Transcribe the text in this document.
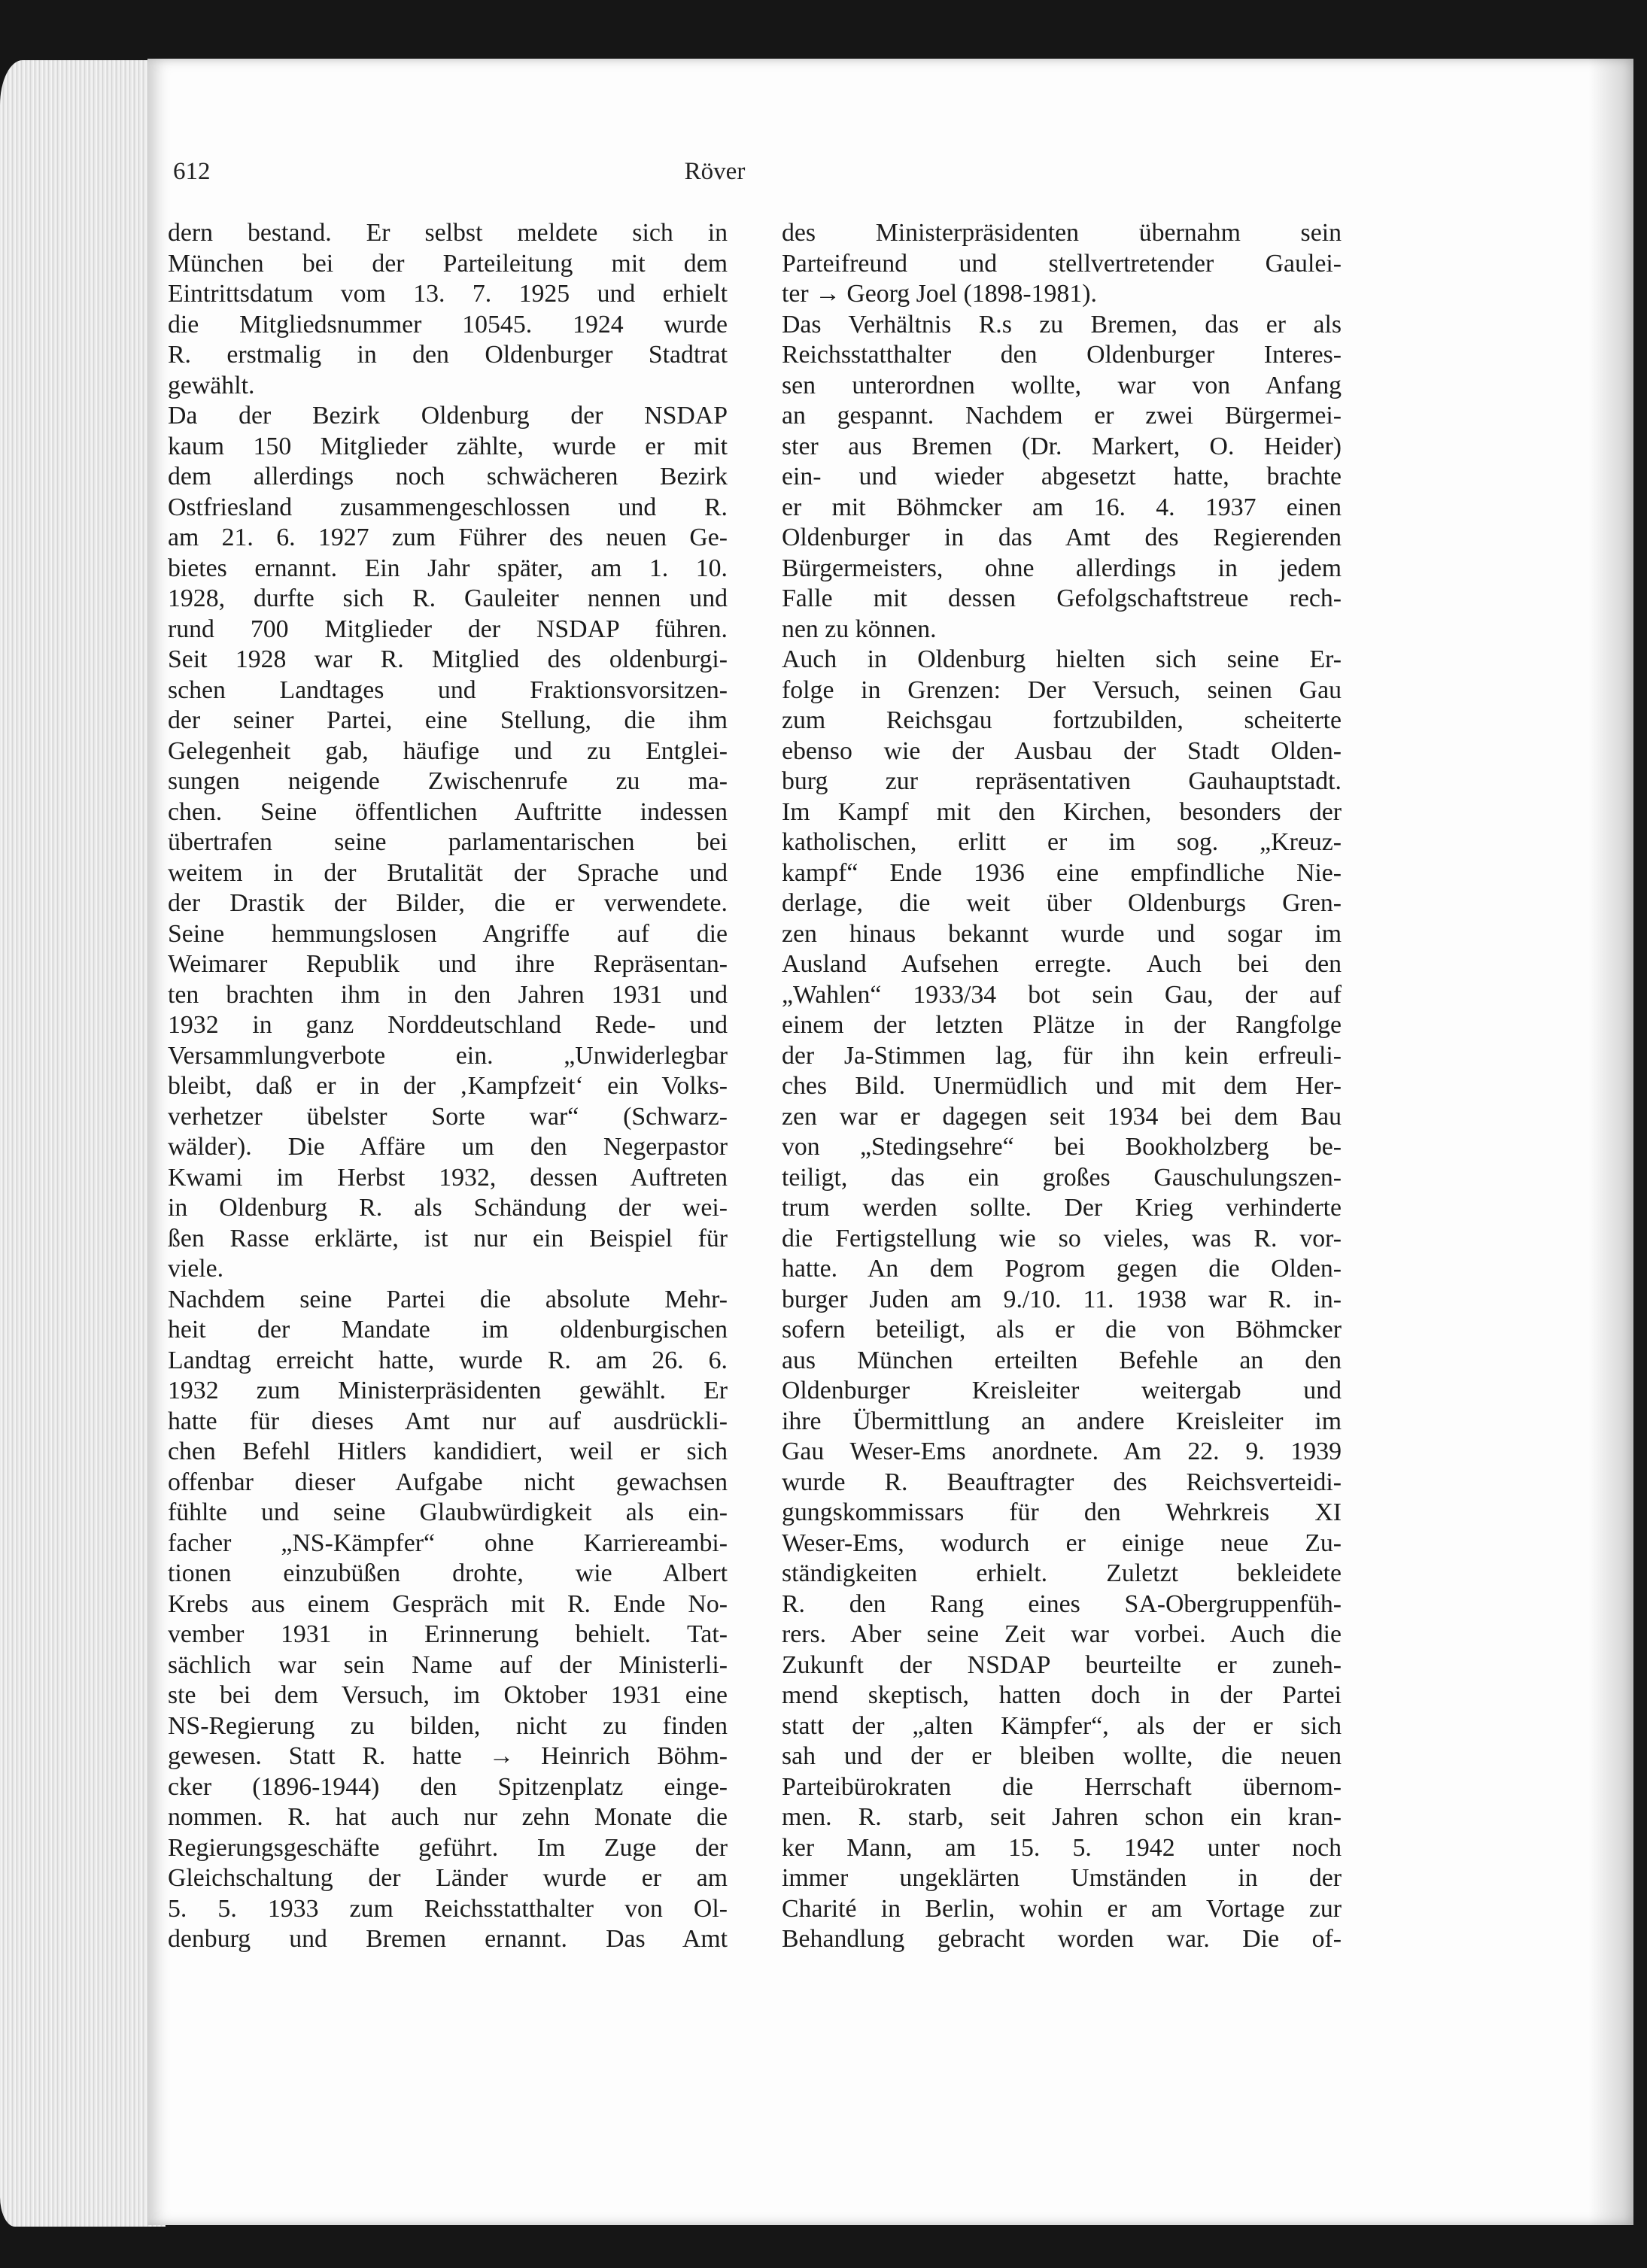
612	Röver
dern bestand. Er selbst meldete sich in
München bei der Parteileitung mit dem
Eintrittsdatum vom 13. 7. 1925 und erhielt
die Mitgliedsnummer 10545. 1924 wurde
R. erstmalig in den Oldenburger Stadtrat
gewählt.
Da der Bezirk Oldenburg der NSDAP
kaum 150 Mitglieder zählte, wurde er mit
dem allerdings noch schwächeren Bezirk
Ostfriesland zusammengeschlossen und R.
am 21. 6. 1927 zum Führer des neuen Ge-
bietes ernannt. Ein Jahr später, am 1. 10.
1928, durfte sich R. Gauleiter nennen und
rund 700 Mitglieder der NSDAP führen.
Seit 1928 war R. Mitglied des oldenburgi-
schen Landtages und Fraktionsvorsitzen-
der seiner Partei, eine Stellung, die ihm
Gelegenheit gab, häufige und zu Entglei-
sungen neigende Zwischenrufe zu ma-
chen. Seine öffentlichen Auftritte indessen
übertrafen seine parlamentarischen bei
weitem in der Brutalität der Sprache und
der Drastik der Bilder, die er verwendete.
Seine hemmungslosen Angriffe auf die
Weimarer Republik und ihre Repräsentan-
ten brachten ihm in den Jahren 1931 und
1932 in ganz Norddeutschland Rede- und
Versammlungverbote ein. „Unwiderlegbar
bleibt, daß er in der ‚Kampfzeit‘ ein Volks-
verhetzer übelster Sorte war“ (Schwarz-
wälder). Die Affäre um den Negerpastor
Kwami im Herbst 1932, dessen Auftreten
in Oldenburg R. als Schändung der wei-
ßen Rasse erklärte, ist nur ein Beispiel für
viele.
Nachdem seine Partei die absolute Mehr-
heit der Mandate im oldenburgischen
Landtag erreicht hatte, wurde R. am 26. 6.
1932 zum Ministerpräsidenten gewählt. Er
hatte für dieses Amt nur auf ausdrückli-
chen Befehl Hitlers kandidiert, weil er sich
offenbar dieser Aufgabe nicht gewachsen
fühlte und seine Glaubwürdigkeit als ein-
facher „NS-Kämpfer“ ohne Karriereambi-
tionen einzubüßen drohte, wie Albert
Krebs aus einem Gespräch mit R. Ende No-
vember 1931 in Erinnerung behielt. Tat-
sächlich war sein Name auf der Ministerli-
ste bei dem Versuch, im Oktober 1931 eine
NS-Regierung zu bilden, nicht zu finden
gewesen. Statt R. hatte → Heinrich Böhm-
cker (1896-1944) den Spitzenplatz einge-
nommen. R. hat auch nur zehn Monate die
Regierungsgeschäfte geführt. Im Zuge der
Gleichschaltung der Länder wurde er am
5. 5. 1933 zum Reichsstatthalter von Ol-
denburg und Bremen ernannt. Das Amt
des Ministerpräsidenten übernahm sein
Parteifreund und stellvertretender Gaulei-
ter → Georg Joel (1898-1981).
Das Verhältnis R.s zu Bremen, das er als
Reichsstatthalter den Oldenburger Interes-
sen unterordnen wollte, war von Anfang
an gespannt. Nachdem er zwei Bürgermei-
ster aus Bremen (Dr. Markert, O. Heider)
ein- und wieder abgesetzt hatte, brachte
er mit Böhmcker am 16. 4. 1937 einen
Oldenburger in das Amt des Regierenden
Bürgermeisters, ohne allerdings in jedem
Falle mit dessen Gefolgschaftstreue rech-
nen zu können.
Auch in Oldenburg hielten sich seine Er-
folge in Grenzen: Der Versuch, seinen Gau
zum Reichsgau fortzubilden, scheiterte
ebenso wie der Ausbau der Stadt Olden-
burg zur repräsentativen Gauhauptstadt.
Im Kampf mit den Kirchen, besonders der
katholischen, erlitt er im sog. „Kreuz-
kampf“ Ende 1936 eine empfindliche Nie-
derlage, die weit über Oldenburgs Gren-
zen hinaus bekannt wurde und sogar im
Ausland Aufsehen erregte. Auch bei den
„Wahlen“ 1933/34 bot sein Gau, der auf
einem der letzten Plätze in der Rangfolge
der Ja-Stimmen lag, für ihn kein erfreuli-
ches Bild. Unermüdlich und mit dem Her-
zen war er dagegen seit 1934 bei dem Bau
von „Stedingsehre“ bei Bookholzberg be-
teiligt, das ein großes Gauschulungszen-
trum werden sollte. Der Krieg verhinderte
die Fertigstellung wie so vieles, was R. vor-
hatte. An dem Pogrom gegen die Olden-
burger Juden am 9./10. 11. 1938 war R. in-
sofern beteiligt, als er die von Böhmcker
aus München erteilten Befehle an den
Oldenburger Kreisleiter weitergab und
ihre Übermittlung an andere Kreisleiter im
Gau Weser-Ems anordnete. Am 22. 9. 1939
wurde R. Beauftragter des Reichsverteidi-
gungskommissars für den Wehrkreis XI
Weser-Ems, wodurch er einige neue Zu-
ständigkeiten erhielt. Zuletzt bekleidete
R. den Rang eines SA-Obergruppenfüh-
rers. Aber seine Zeit war vorbei. Auch die
Zukunft der NSDAP beurteilte er zuneh-
mend skeptisch, hatten doch in der Partei
statt der „alten Kämpfer“, als der er sich
sah und der er bleiben wollte, die neuen
Parteibürokraten die Herrschaft übernom-
men. R. starb, seit Jahren schon ein kran-
ker Mann, am 15. 5. 1942 unter noch
immer ungeklärten Umständen in der
Charité in Berlin, wohin er am Vortage zur
Behandlung gebracht worden war. Die of-
